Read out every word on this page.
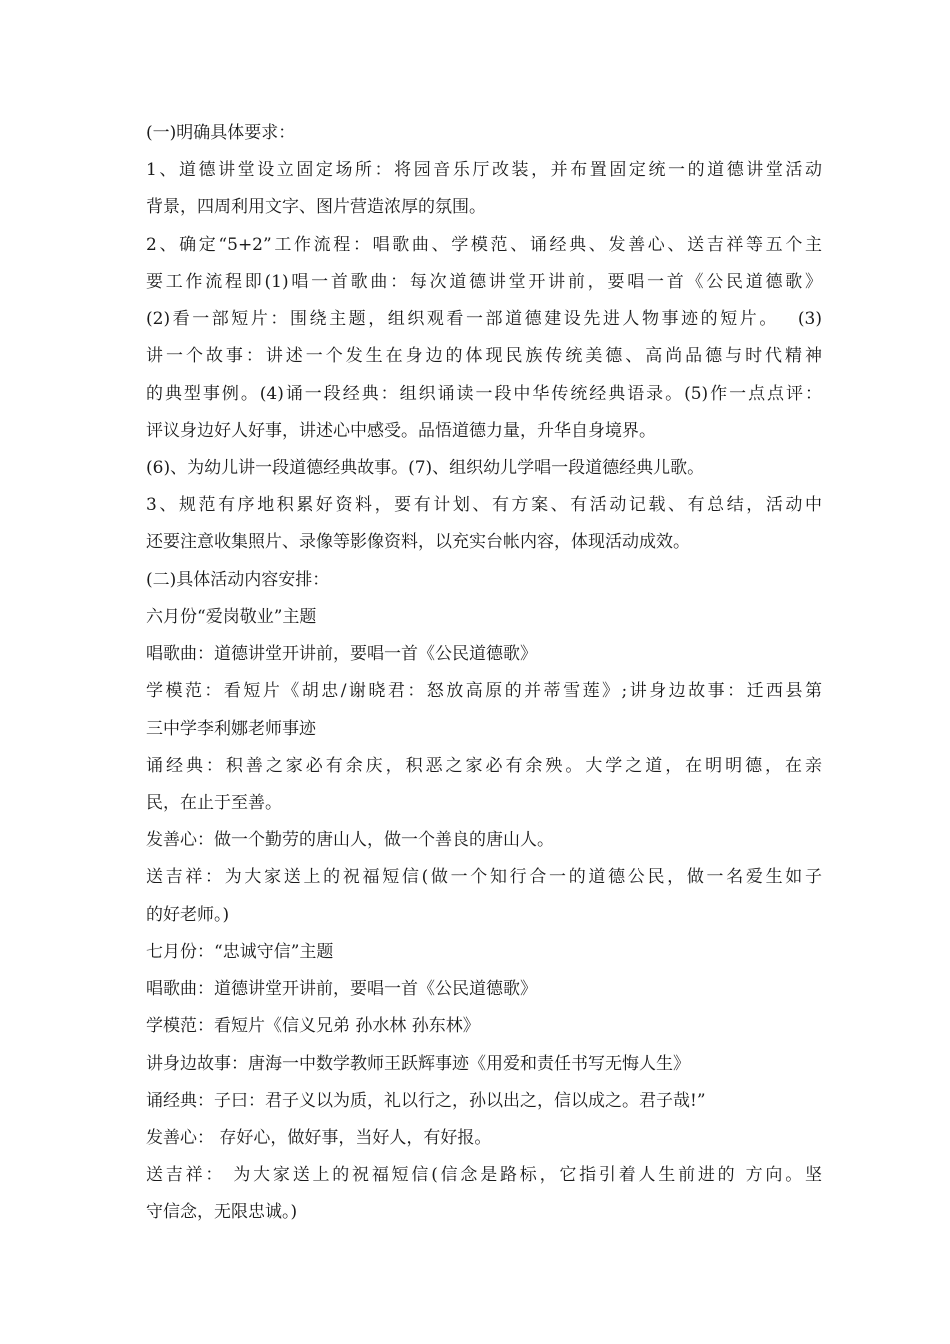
(一)明确具体要求：
1、道德讲堂设立固定场所：将园音乐厅改装，并布置固定统一的道德讲堂活动
背景，四周利用文字、图片营造浓厚的氛围。
2、确定“5+2”工作流程：唱歌曲、学模范、诵经典、发善心、送吉祥等五个主
要工作流程即(1)唱一首歌曲：每次道德讲堂开讲前，要唱一首《公民道德歌》
(2)看一部短片：围绕主题，组织观看一部道德建设先进人物事迹的短片。　 (3)
讲一个故事：讲述一个发生在身边的体现民族传统美德、高尚品德与时代精神
的典型事例。(4)诵一段经典：组织诵读一段中华传统经典语录。(5)作一点点评：
评议身边好人好事，讲述心中感受。品悟道德力量，升华自身境界。
(6)、为幼儿讲一段道德经典故事。(7)、组织幼儿学唱一段道德经典儿歌。
3、规范有序地积累好资料，要有计划、有方案、有活动记载、有总结，活动中
还要注意收集照片、录像等影像资料，以充实台帐内容，体现活动成效。
(二)具体活动内容安排：
六月份“爱岗敬业”主题
唱歌曲：道德讲堂开讲前，要唱一首《公民道德歌》
学模范：看短片《胡忠/谢晓君：怒放高原的并蒂雪莲》;讲身边故事：迁西县第
三中学李利娜老师事迹
诵经典：积善之家必有余庆，积恶之家必有余殃。大学之道，在明明德，在亲
民，在止于至善。
发善心：做一个勤劳的唐山人，做一个善良的唐山人。
送吉祥：为大家送上的祝福短信(做一个知行合一的道德公民，做一名爱生如子
的好老师。)
七月份：“忠诚守信”主题
唱歌曲：道德讲堂开讲前，要唱一首《公民道德歌》
学模范：看短片《信义兄弟 孙水林 孙东林》
讲身边故事：唐海一中数学教师王跃辉事迹《用爱和责任书写无悔人生》
诵经典：子曰：君子义以为质，礼以行之，孙以出之，信以成之。君子哉!”
发善心： 存好心，做好事，当好人，有好报。
送吉祥： 为大家送上的祝福短信(信念是路标，它指引着人生前进的 方向。坚
守信念，无限忠诚。)
